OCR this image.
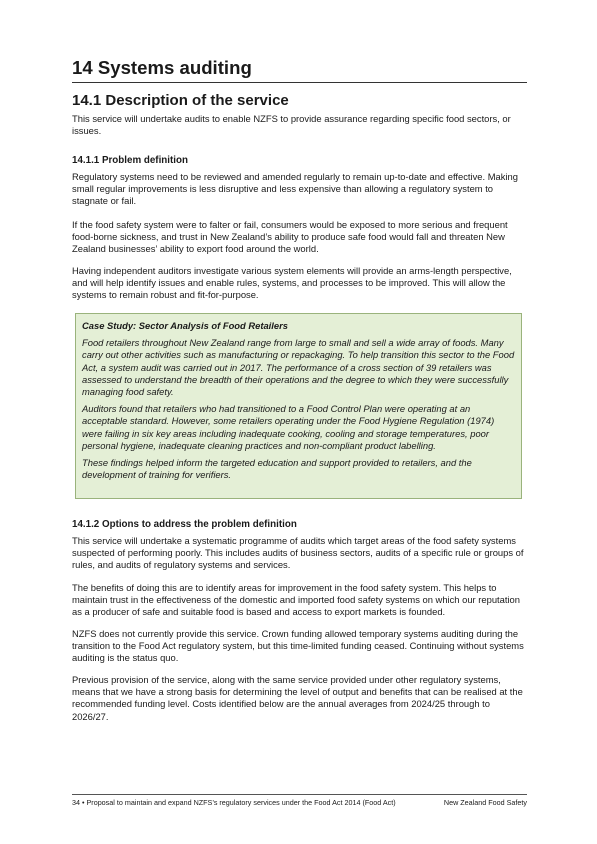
14 Systems auditing
14.1 Description of the service

This service will undertake audits to enable NZFS to provide assurance regarding specific food sectors, or issues.

14.1.1 Problem definition

Regulatory systems need to be reviewed and amended regularly to remain up-to-date and effective. Making small regular improvements is less disruptive and less expensive than allowing a regulatory system to stagnate or fail.

If the food safety system were to falter or fail, consumers would be exposed to more serious and frequent food-borne sickness, and trust in New Zealand’s ability to produce safe food would fall and threaten New Zealand businesses’ ability to export food around the world.

Having independent auditors investigate various system elements will provide an arms-length perspective, and will help identify issues and enable rules, systems, and processes to be improved. This will allow the systems to remain robust and fit-for-purpose.

Case Study: Sector Analysis of Food Retailers

Food retailers throughout New Zealand range from large to small and sell a wide array of foods. Many carry out other activities such as manufacturing or repackaging. To help transition this sector to the Food Act, a system audit was carried out in 2017. The performance of a cross section of 39 retailers was assessed to understand the breadth of their operations and the degree to which they were successfully managing food safety.

Auditors found that retailers who had transitioned to a Food Control Plan were operating at an acceptable standard. However, some retailers operating under the Food Hygiene Regulation (1974) were failing in six key areas including inadequate cooking, cooling and storage temperatures, poor personal hygiene, inadequate cleaning practices and non-compliant product labelling.

These findings helped inform the targeted education and support provided to retailers, and the development of training for verifiers.

14.1.2 Options to address the problem definition

This service will undertake a systematic programme of audits which target areas of the food safety systems suspected of performing poorly. This includes audits of business sectors, audits of a specific rule or groups of rules, and audits of regulatory systems and services.

The benefits of doing this are to identify areas for improvement in the food safety system. This helps to maintain trust in the effectiveness of the domestic and imported food safety systems on which our reputation as a producer of safe and suitable food is based and access to export markets is founded.

NZFS does not currently provide this service. Crown funding allowed temporary systems auditing during the transition to the Food Act regulatory system, but this time-limited funding ceased. Continuing without systems auditing is the status quo.

Previous provision of the service, along with the same service provided under other regulatory systems, means that we have a strong basis for determining the level of output and benefits that can be realised at the recommended funding level. Costs identified below are the annual averages from 2024/25 through to 2026/27.

34 • Proposal to maintain and expand NZFS’s regulatory services under the Food Act 2014 (Food Act)	New Zealand Food Safety
